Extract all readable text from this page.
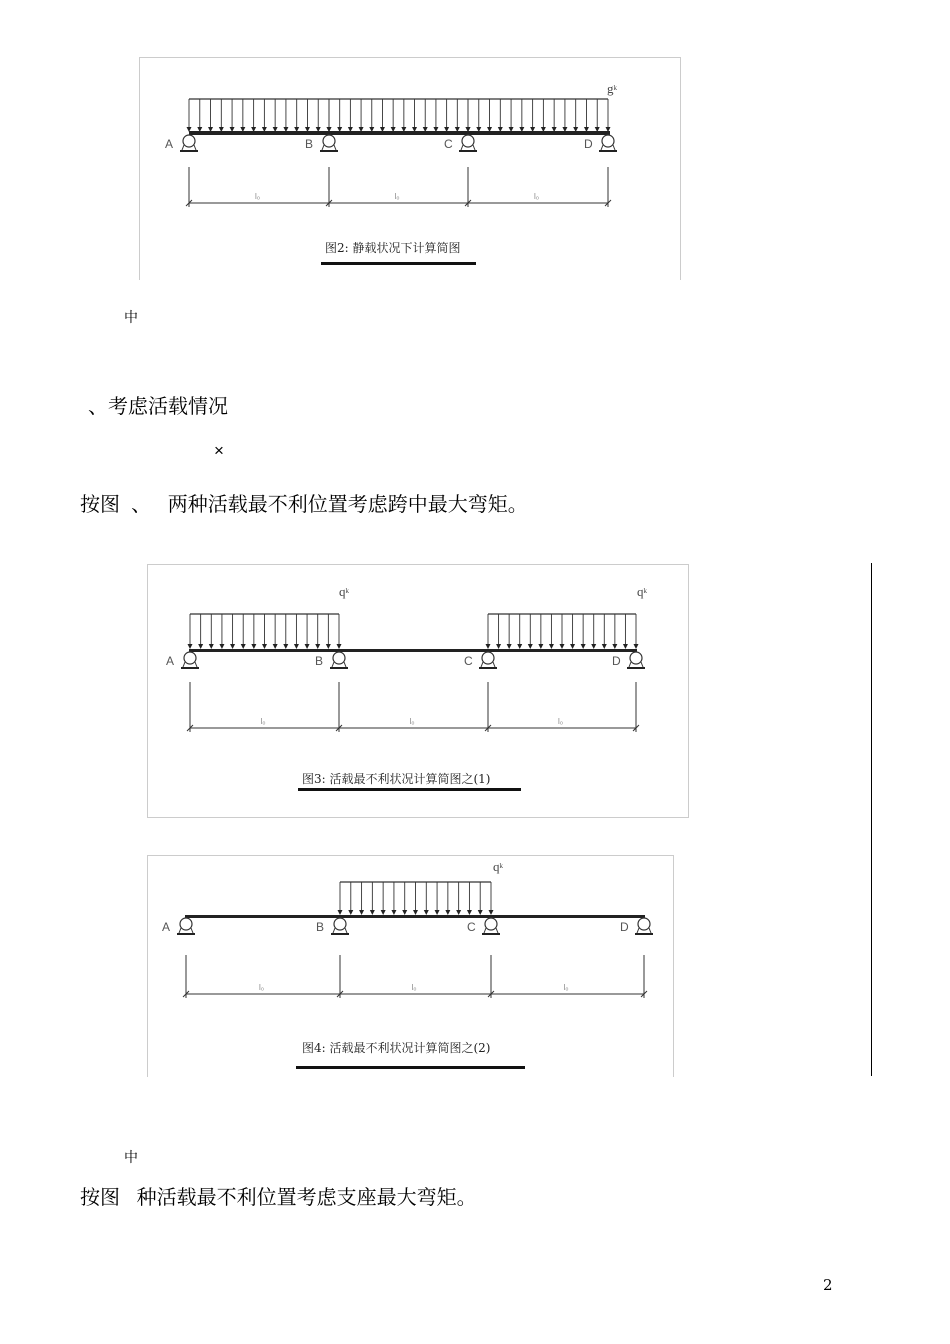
A	B	C	D
l₀	l₀	l₀
$g^k$
图2: 静载状况下计算简图
中
、考虑活载情况
×
按图  、   两种活载最不利位置考虑跨中最大弯矩。
A	B	C	D
l₀	l₀	l₀
$q^k$	$q^k$
图3: 活载最不利状况计算简图之(1)
A	B	C	D
l₀	l₀	l₀
$q^k$
图4: 活载最不利状况计算简图之(2)
中
按图   种活载最不利位置考虑支座最大弯矩。
2
